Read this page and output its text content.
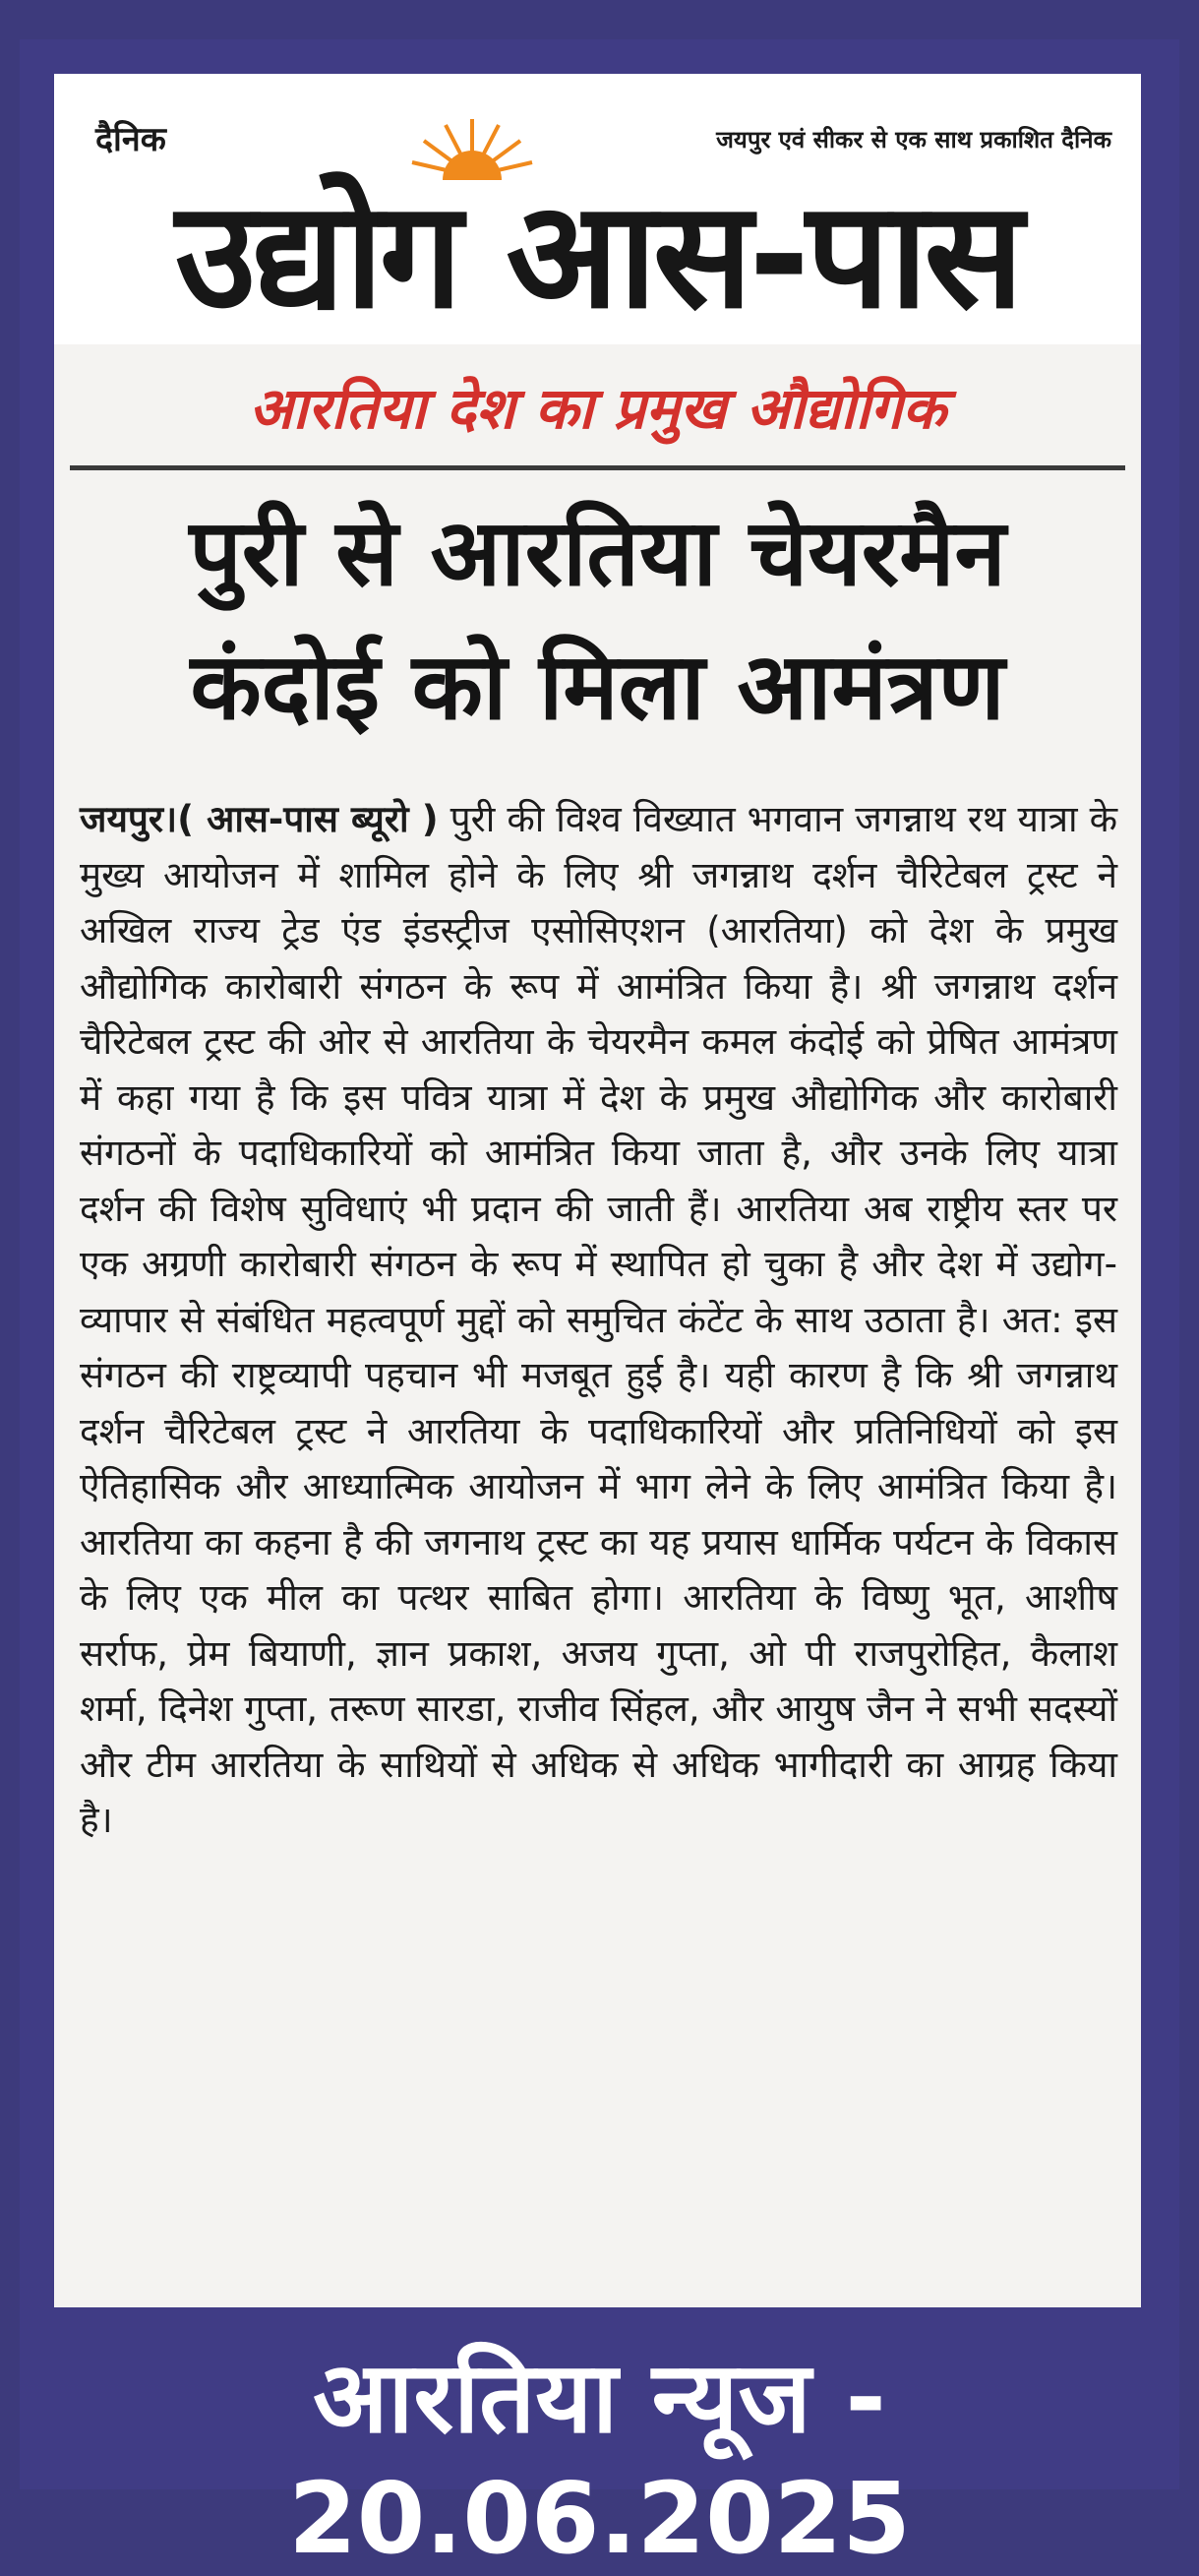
दैनिक	जयपुर एवं सीकर से एक साथ प्रकाशित दैनिक
उद्योग आस-पास
आरतिया देश का प्रमुख औद्योगिक
पुरी से आरतिया चेयरमैन
कंदोई को मिला आमंत्रण
जयपुर।( आस-पास ब्यूरो ) पुरी की विश्व विख्यात भगवान जगन्नाथ रथ यात्रा के मुख्य आयोजन में शामिल होने के लिए श्री जगन्नाथ दर्शन चैरिटेबल ट्रस्ट ने अखिल राज्य ट्रेड एंड इंडस्ट्रीज एसोसिएशन (आरतिया) को देश के प्रमुख औद्योगिक कारोबारी संगठन के रूप में आमंत्रित किया है। श्री जगन्नाथ दर्शन चैरिटेबल ट्रस्ट की ओर से आरतिया के चेयरमैन कमल कंदोई को प्रेषित आमंत्रण में कहा गया है कि इस पवित्र यात्रा में देश के प्रमुख औद्योगिक और कारोबारी संगठनों के पदाधिकारियों को आमंत्रित किया जाता है, और उनके लिए यात्रा दर्शन की विशेष सुविधाएं भी प्रदान की जाती हैं। आरतिया अब राष्ट्रीय स्तर पर एक अग्रणी कारोबारी संगठन के रूप में स्थापित हो चुका है और देश में उद्योग-व्यापार से संबंधित महत्वपूर्ण मुद्दों को समुचित कंटेंट के साथ उठाता है। अत: इस संगठन की राष्ट्रव्यापी पहचान भी मजबूत हुई है। यही कारण है कि श्री जगन्नाथ दर्शन चैरिटेबल ट्रस्ट ने आरतिया के पदाधिकारियों और प्रतिनिधियों को इस ऐतिहासिक और आध्यात्मिक आयोजन में भाग लेने के लिए आमंत्रित किया है। आरतिया का कहना है की जगनाथ ट्रस्ट का यह प्रयास धार्मिक पर्यटन के विकास के लिए एक मील का पत्थर साबित होगा। आरतिया के विष्णु भूत, आशीष सर्राफ, प्रेम बियाणी, ज्ञान प्रकाश, अजय गुप्ता, ओ पी राजपुरोहित, कैलाश शर्मा, दिनेश गुप्ता, तरूण सारडा, राजीव सिंहल, और आयुष जैन ने सभी सदस्यों और टीम आरतिया के साथियों से अधिक से अधिक भागीदारी का आग्रह किया है।
आरतिया न्यूज - 20.06.2025
